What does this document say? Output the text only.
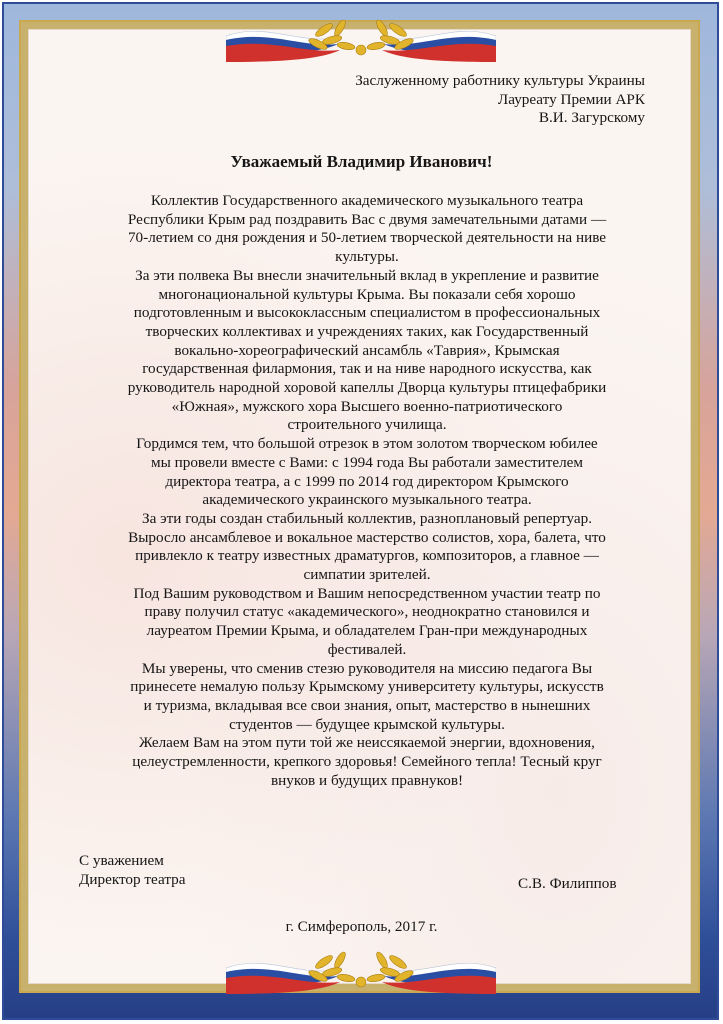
Заслуженному работнику культуры Украины
Лауреату Премии АРК
В.И. Загурскому
Уважаемый Владимир Иванович!
Коллектив Государственного академического музыкального театра
Республики Крым рад поздравить Вас с двумя замечательными датами —
70-летием со дня рождения и 50-летием творческой деятельности на ниве
культуры.
За эти полвека Вы внесли значительный вклад в укрепление и развитие
многонациональной культуры Крыма. Вы показали себя хорошо
подготовленным и высококлассным специалистом в профессиональных
творческих коллективах и учреждениях таких, как Государственный
вокально-хореографический ансамбль «Таврия», Крымская
государственная филармония, так и на ниве народного искусства, как
руководитель народной хоровой капеллы Дворца культуры птицефабрики
«Южная», мужского хора Высшего военно-патриотического
строительного училища.
Гордимся тем, что большой отрезок в этом золотом творческом юбилее
мы провели вместе с Вами: с 1994 года Вы работали заместителем
директора театра, а с 1999 по 2014 год директором Крымского
академического украинского музыкального театра.
За эти годы создан стабильный коллектив, разноплановый репертуар.
Выросло ансамблевое и вокальное мастерство солистов, хора, балета, что
привлекло к театру известных драматургов, композиторов, а главное —
симпатии зрителей.
Под Вашим руководством и Вашим непосредственном участии театр по
праву получил статус «академического», неоднократно становился и
лауреатом Премии Крыма, и обладателем Гран-при международных
фестивалей.
Мы уверены, что сменив стезю руководителя на миссию педагога Вы
принесете немалую пользу Крымскому университету культуры, искусств
и туризма, вкладывая все свои знания, опыт, мастерство в нынешних
студентов — будущее крымской культуры.
Желаем Вам на этом пути той же неиссякаемой энергии, вдохновения,
целеустремленности, крепкого здоровья! Семейного тепла! Тесный круг
внуков и будущих правнуков!
С уважением
Директор театра	С.В. Филиппов
г. Симферополь, 2017 г.
